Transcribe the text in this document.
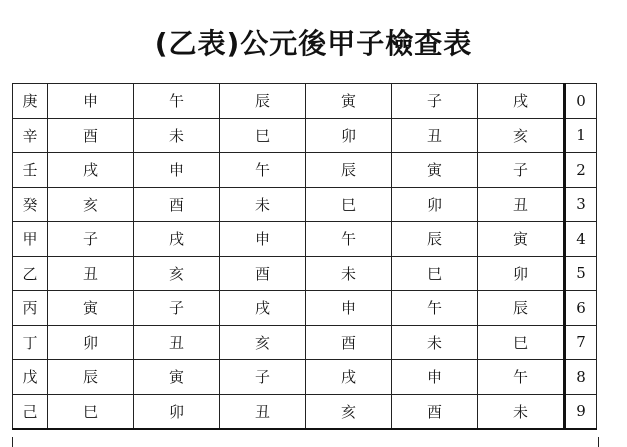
(乙表)公元後甲子檢查表
庚	申	午	辰	寅	子	戌	0
辛	酉	未	巳	卯	丑	亥	1
壬	戌	申	午	辰	寅	子	2
癸	亥	酉	未	巳	卯	丑	3
甲	子	戌	申	午	辰	寅	4
乙	丑	亥	酉	未	巳	卯	5
丙	寅	子	戌	申	午	辰	6
丁	卯	丑	亥	酉	未	巳	7
戊	辰	寅	子	戌	申	午	8
己	巳	卯	丑	亥	酉	未	9
